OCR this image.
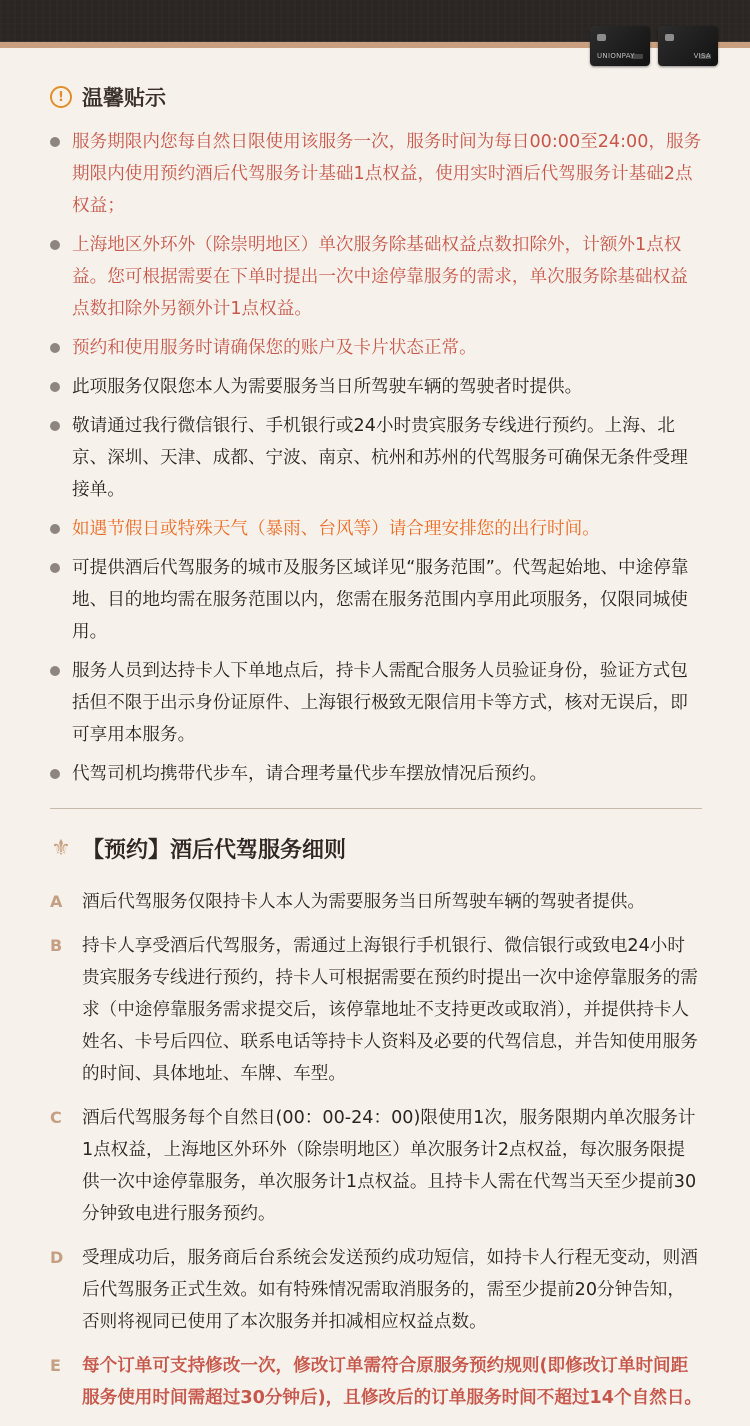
UNIONPAY	VISA
! 温馨贴示
服务期限内您每自然日限使用该服务一次，服务时间为每日00:00至24:00，服务期限内使用预约酒后代驾服务计基础1点权益，使用实时酒后代驾服务计基础2点权益；
上海地区外环外（除崇明地区）单次服务除基础权益点数扣除外，计额外1点权益。您可根据需要在下单时提出一次中途停靠服务的需求，单次服务除基础权益点数扣除外另额外计1点权益。
预约和使用服务时请确保您的账户及卡片状态正常。
此项服务仅限您本人为需要服务当日所驾驶车辆的驾驶者时提供。
敬请通过我行微信银行、手机银行或24小时贵宾服务专线进行预约。上海、北京、深圳、天津、成都、宁波、南京、杭州和苏州的代驾服务可确保无条件受理接单。
如遇节假日或特殊天气（暴雨、台风等）请合理安排您的出行时间。
可提供酒后代驾服务的城市及服务区域详见“服务范围”。代驾起始地、中途停靠地、目的地均需在服务范围以内，您需在服务范围内享用此项服务，仅限同城使用。
服务人员到达持卡人下单地点后，持卡人需配合服务人员验证身份，验证方式包括但不限于出示身份证原件、上海银行极致无限信用卡等方式，核对无误后，即可享用本服务。
代驾司机均携带代步车，请合理考量代步车摆放情况后预约。
⚜ 【预约】酒后代驾服务细则
A	酒后代驾服务仅限持卡人本人为需要服务当日所驾驶车辆的驾驶者提供。
B	持卡人享受酒后代驾服务，需通过上海银行手机银行、微信银行或致电24小时贵宾服务专线进行预约，持卡人可根据需要在预约时提出一次中途停靠服务的需求（中途停靠服务需求提交后，该停靠地址不支持更改或取消），并提供持卡人姓名、卡号后四位、联系电话等持卡人资料及必要的代驾信息，并告知使用服务的时间、具体地址、车牌、车型。
C	酒后代驾服务每个自然日(00：00-24：00)限使用1次，服务限期内单次服务计1点权益，上海地区外环外（除崇明地区）单次服务计2点权益，每次服务限提供一次中途停靠服务，单次服务计1点权益。且持卡人需在代驾当天至少提前30分钟致电进行服务预约。
D	受理成功后，服务商后台系统会发送预约成功短信，如持卡人行程无变动，则酒后代驾服务正式生效。如有特殊情况需取消服务的，需至少提前20分钟告知，否则将视同已使用了本次服务并扣减相应权益点数。
E	每个订单可支持修改一次，修改订单需符合原服务预约规则(即修改订单时间距服务使用时间需超过30分钟后)，且修改后的订单服务时间不超过14个自然日。
